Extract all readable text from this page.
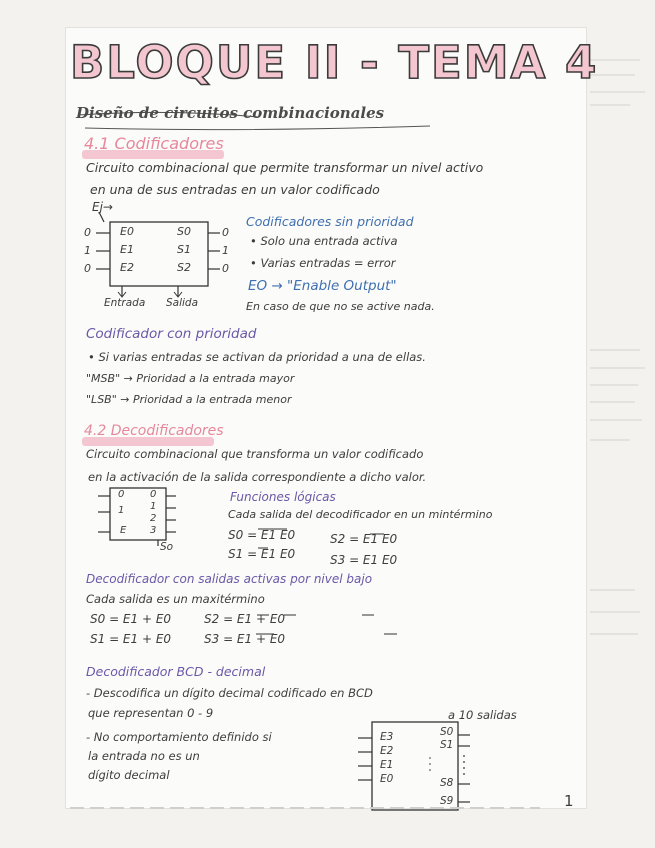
BLOQUE II - TEMA 4
Diseño de circuitos combinacionales
4.1 Codificadores
Circuito combinacional que permite transformar un nivel activo
en una de sus entradas en un valor codificado
Ej→
E0
E1
E2
S0
S1
S2
0
1
0
0
1
0
Entrada Salida
Codificadores sin prioridad
• Solo una entrada activa
• Varias entradas = error
EO → "Enable Output"
En caso de que no se active nada.
Codificador con prioridad
• Si varias entradas se activan da prioridad a una de ellas.
"MSB" → Prioridad a la entrada mayor
"LSB" → Prioridad a la entrada menor
4.2 Decodificadores
Circuito combinacional que transforma un valor codificado
en la activación de la salida correspondiente a dicho valor.
0
1
E
0
1
2
3
So
Funciones lógicas
Cada salida del decodificador en un mintérmino
S0 = E1 E0
S1 = E1 E0
S2 = E1 E0
S3 = E1 E0
Decodificador con salidas activas por nivel bajo
Cada salida es un maxitérmino
S0 = E1 + E0
S1 = E1 + E0
S2 = E1 + E0
S3 = E1 + E0
Decodificador BCD - decimal
- Descodifica un dígito decimal codificado en BCD
que representan 0 - 9
- No comportamiento definido si
la entrada no es un
dígito decimal
a 10 salidas
E3
E2
E1
E0
S0
S1
S8
S9	1
